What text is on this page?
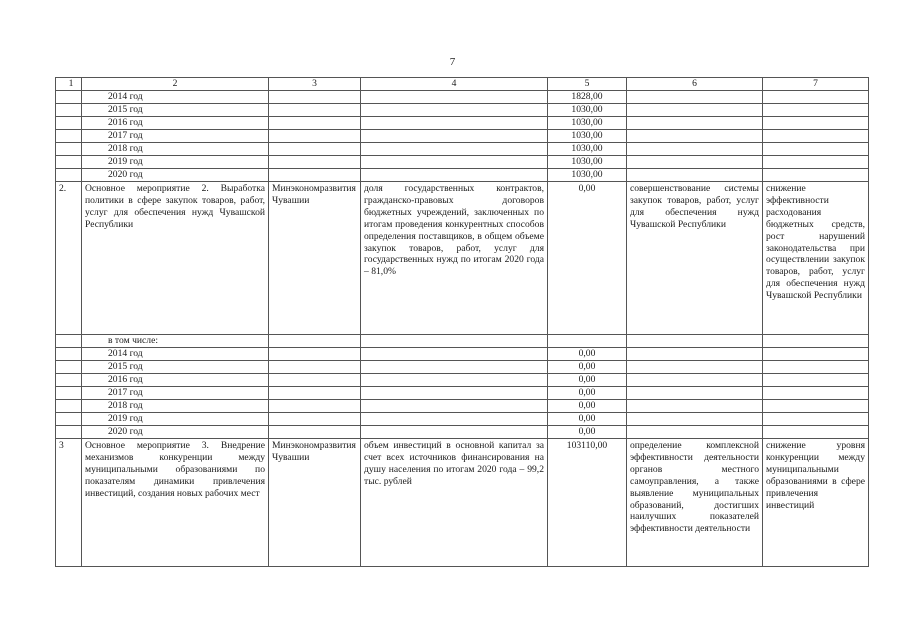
7
1	2	3	4	5	6	7
	2014 год			1828,00		
	2015 год			1030,00		
	2016 год			1030,00		
	2017 год			1030,00		
	2018 год			1030,00		
	2019 год			1030,00		
	2020 год			1030,00		
2.	Основное мероприятие 2. Выработка политики в сфере закупок товаров, работ, услуг для обеспечения нужд Чувашской Республики	Минэкономразвития Чувашии	доля государственных контрактов, гражданско-правовых договоров бюджетных учреждений, заключенных по итогам проведения конкурентных способов определения поставщиков, в общем объеме закупок товаров, работ, услуг для государственных нужд по итогам 2020 года – 81,0%	0,00	совершенствование системы закупок товаров, работ, услуг для обеспечения нужд Чувашской Республики	снижение эффективности расходования бюджетных средств, рост нарушений законодательства при осуществлении закупок товаров, работ, услуг для обеспечения нужд Чувашской Республики
	в том числе:					
	2014 год			0,00		
	2015 год			0,00		
	2016 год			0,00		
	2017 год			0,00		
	2018 год			0,00		
	2019 год			0,00		
	2020 год			0,00		
3	Основное мероприятие 3. Внедрение механизмов конкуренции между муниципальными образованиями по показателям динамики привлечения инвестиций, создания новых рабочих мест	Минэкономразвития Чувашии	объем инвестиций в основной капитал за счет всех источников финансирования на душу населения по итогам 2020 года – 99,2 тыс. рублей	103110,00	определение комплексной эффективности деятельности органов местного самоуправления, а также выявление муниципальных образований, достигших наилучших показателей эффективности деятельности	снижение уровня конкуренции между муниципальными образованиями в сфере привлечения инвестиций
